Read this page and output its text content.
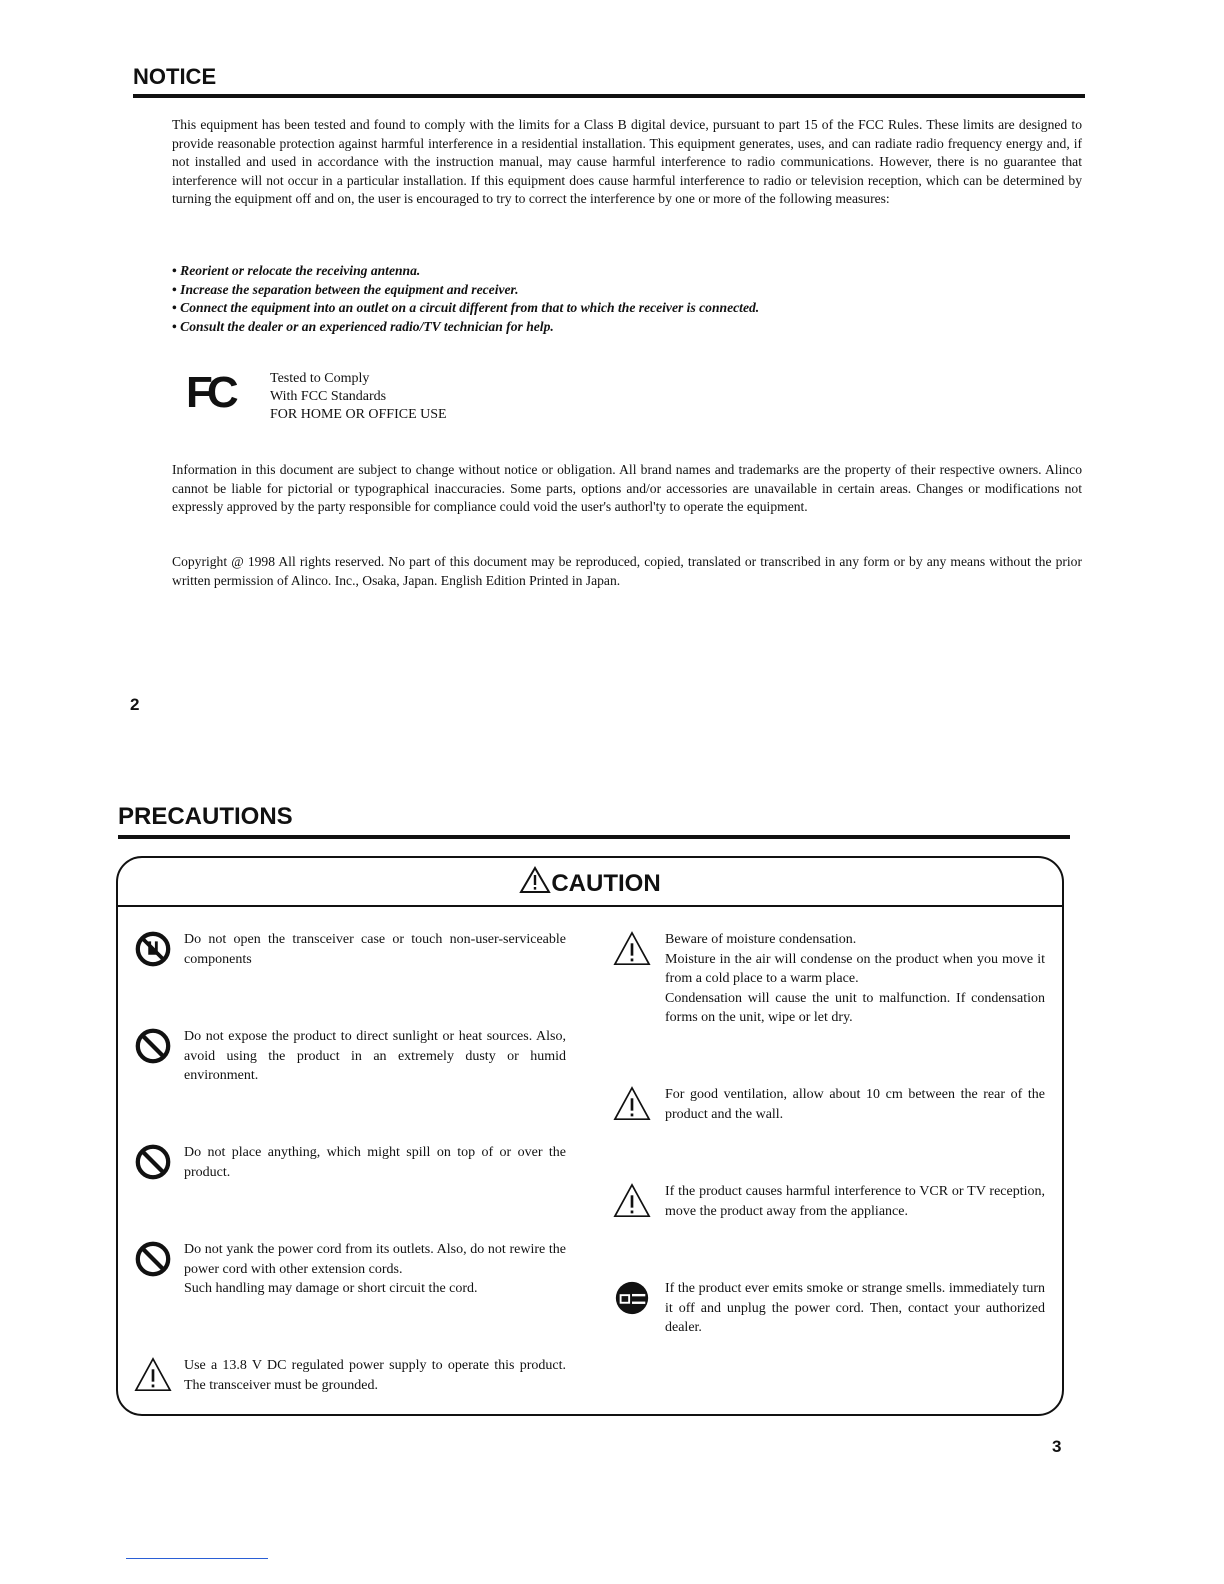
NOTICE

This equipment has been tested and found to comply with the limits for a Class B digital device, pursuant to part 15 of the FCC Rules. These limits are designed to provide reasonable protection against harmful interference in a residential installation. This equipment generates, uses, and can radiate radio frequency energy and, if not installed and used in accordance with the instruction manual, may cause harmful interference to radio communications. However, there is no guarantee that interference will not occur in a particular installation. If this equipment does cause harmful interference to radio or television reception, which can be determined by turning the equipment off and on, the user is encouraged to try to correct the interference by one or more of the following measures:

• Reorient or relocate the receiving antenna.
• Increase the separation between the equipment and receiver.
• Connect the equipment into an outlet on a circuit different from that to which the receiver is connected.
• Consult the dealer or an experienced radio/TV technician for help.
FC	Tested to Comply
With FCC Standards
FOR HOME OR OFFICE USE

Information in this document are subject to change without notice or obligation. All brand names and trademarks are the property of their respective owners. Alinco cannot be liable for pictorial or typographical inaccuracies. Some parts, options and/or accessories are unavailable in certain areas. Changes or modifications not expressly approved by the party responsible for compliance could void the user's authorl'ty to operate the equipment.

Copyright @ 1998 All rights reserved. No part of this document may be reproduced, copied, translated or transcribed in any form or by any means without the prior written permission of Alinco. Inc., Osaka, Japan. English Edition Printed in Japan.

2
PRECAUTIONS
CAUTION

Do not open the transceiver case or touch non-user-serviceable components

Do not expose the product to direct sunlight or heat sources. Also, avoid using the product in an extremely dusty or humid environment.

Do not place anything, which might spill on top of or over the product.

Do not yank the power cord from its outlets. Also, do not rewire the power cord with other extension cords.

Such handling may damage or short circuit the cord.

Use a 13.8 V DC regulated power supply to operate this product. The transceiver must be grounded.

Beware of moisture condensation.

Moisture in the air will condense on the product when you move it from a cold place to a warm place.

Condensation will cause the unit to malfunction. If condensation forms on the unit, wipe or let dry.

For good ventilation, allow about 10 cm between the rear of the product and the wall.

If the product causes harmful interference to VCR or TV reception, move the product away from the appliance.

If the product ever emits smoke or strange smells. immediately turn it off and unplug the power cord. Then, contact your authorized dealer.

3
